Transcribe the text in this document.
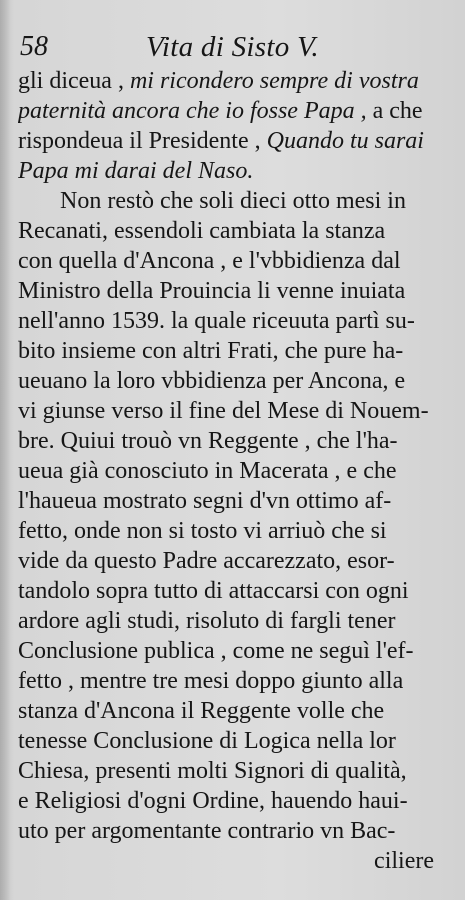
58	Vita di Sisto V.
gli diceua , mi ricondero sempre di vostra
paternità ancora che io fosse Papa , a che
rispondeua il Presidente , Quando tu sarai
Papa mi darai del Naso.
Non restò che soli dieci otto mesi in
Recanati, essendoli cambiata la stanza
con quella d'Ancona , e l'vbbidienza dal
Ministro della Prouincia li venne inuiata
nell'anno 1539. la quale riceuuta partì su-
bito insieme con altri Frati, che pure ha-
ueuano la loro vbbidienza per Ancona, e
vi giunse verso il fine del Mese di Nouem-
bre. Quiui trouò vn Reggente , che l'ha-
ueua già conosciuto in Macerata , e che
l'haueua mostrato segni d'vn ottimo af-
fetto, onde non si tosto vi arriuò che si
vide da questo Padre accarezzato, esor-
tandolo sopra tutto di attaccarsi con ogni
ardore agli studi, risoluto di fargli tener
Conclusione publica , come ne seguì l'ef-
fetto , mentre tre mesi doppo giunto alla
stanza d'Ancona il Reggente volle che
tenesse Conclusione di Logica nella lor
Chiesa, presenti molti Signori di qualità,
e Religiosi d'ogni Ordine, hauendo haui-
uto per argomentante contrario vn Bac-
ciliere
